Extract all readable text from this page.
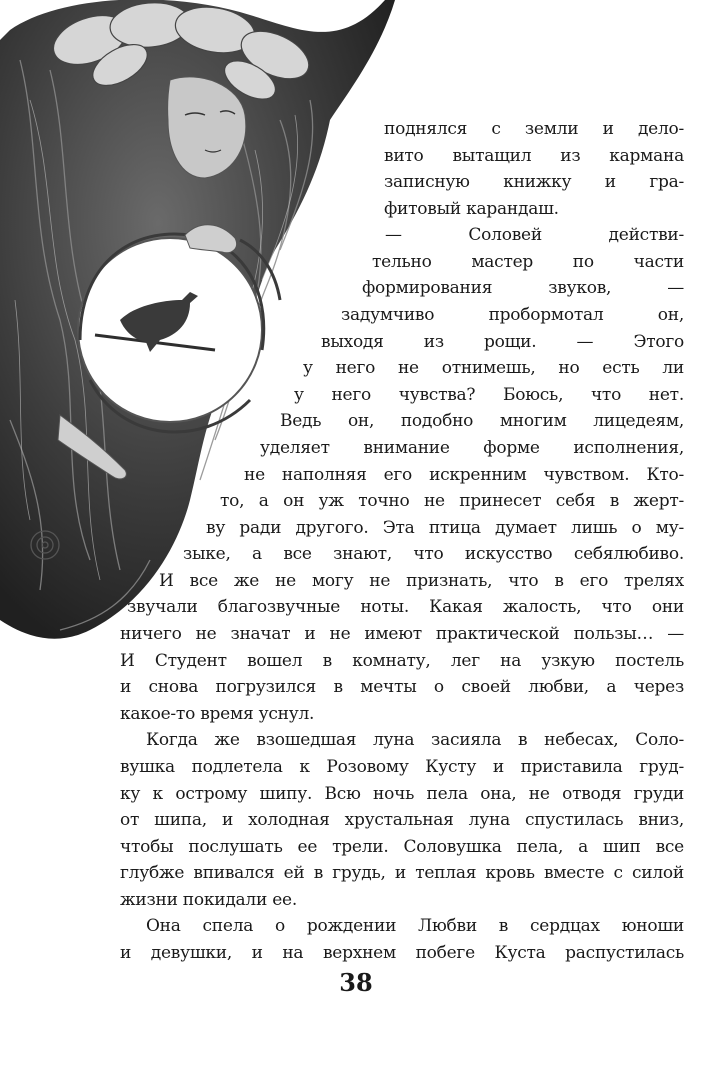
38
поднялся с земли и дело-
вито вытащил из кармана
записную книжку и гра-
фитовый карандаш.
— Соловей действи-
тельно мастер по части
формирования звуков, —
задумчиво пробормотал он,
выходя из рощи. — Этого
у него не отнимешь, но есть ли
у него чувства? Боюсь, что нет.
Ведь он, подобно многим лицедеям,
уделяет внимание форме исполнения,
не наполняя его искренним чувством. Кто-
то, а он уж точно не принесет себя в жерт-
ву ради другого. Эта птица думает лишь о му-
зыке, а все знают, что искусство себялюбиво.
И все же не могу не признать, что в его трелях
звучали благозвучные ноты. Какая жалость, что они
ничего не значат и не имеют практической пользы… —
И Студент вошел в комнату, лег на узкую постель
и снова погрузился в мечты о своей любви, а через
какое-то время уснул.
Когда же взошедшая луна засияла в небесах, Соло-
вушка подлетела к Розовому Кусту и приставила груд-
ку к острому шипу. Всю ночь пела она, не отводя груди
от шипа, и холодная хрустальная луна спустилась вниз,
чтобы послушать ее трели. Соловушка пела, а шип все
глубже впивался ей в грудь, и теплая кровь вместе с силой
жизни покидали ее.
Она спела о рождении Любви в сердцах юноши
и девушки, и на верхнем побеге Куста распустилась
